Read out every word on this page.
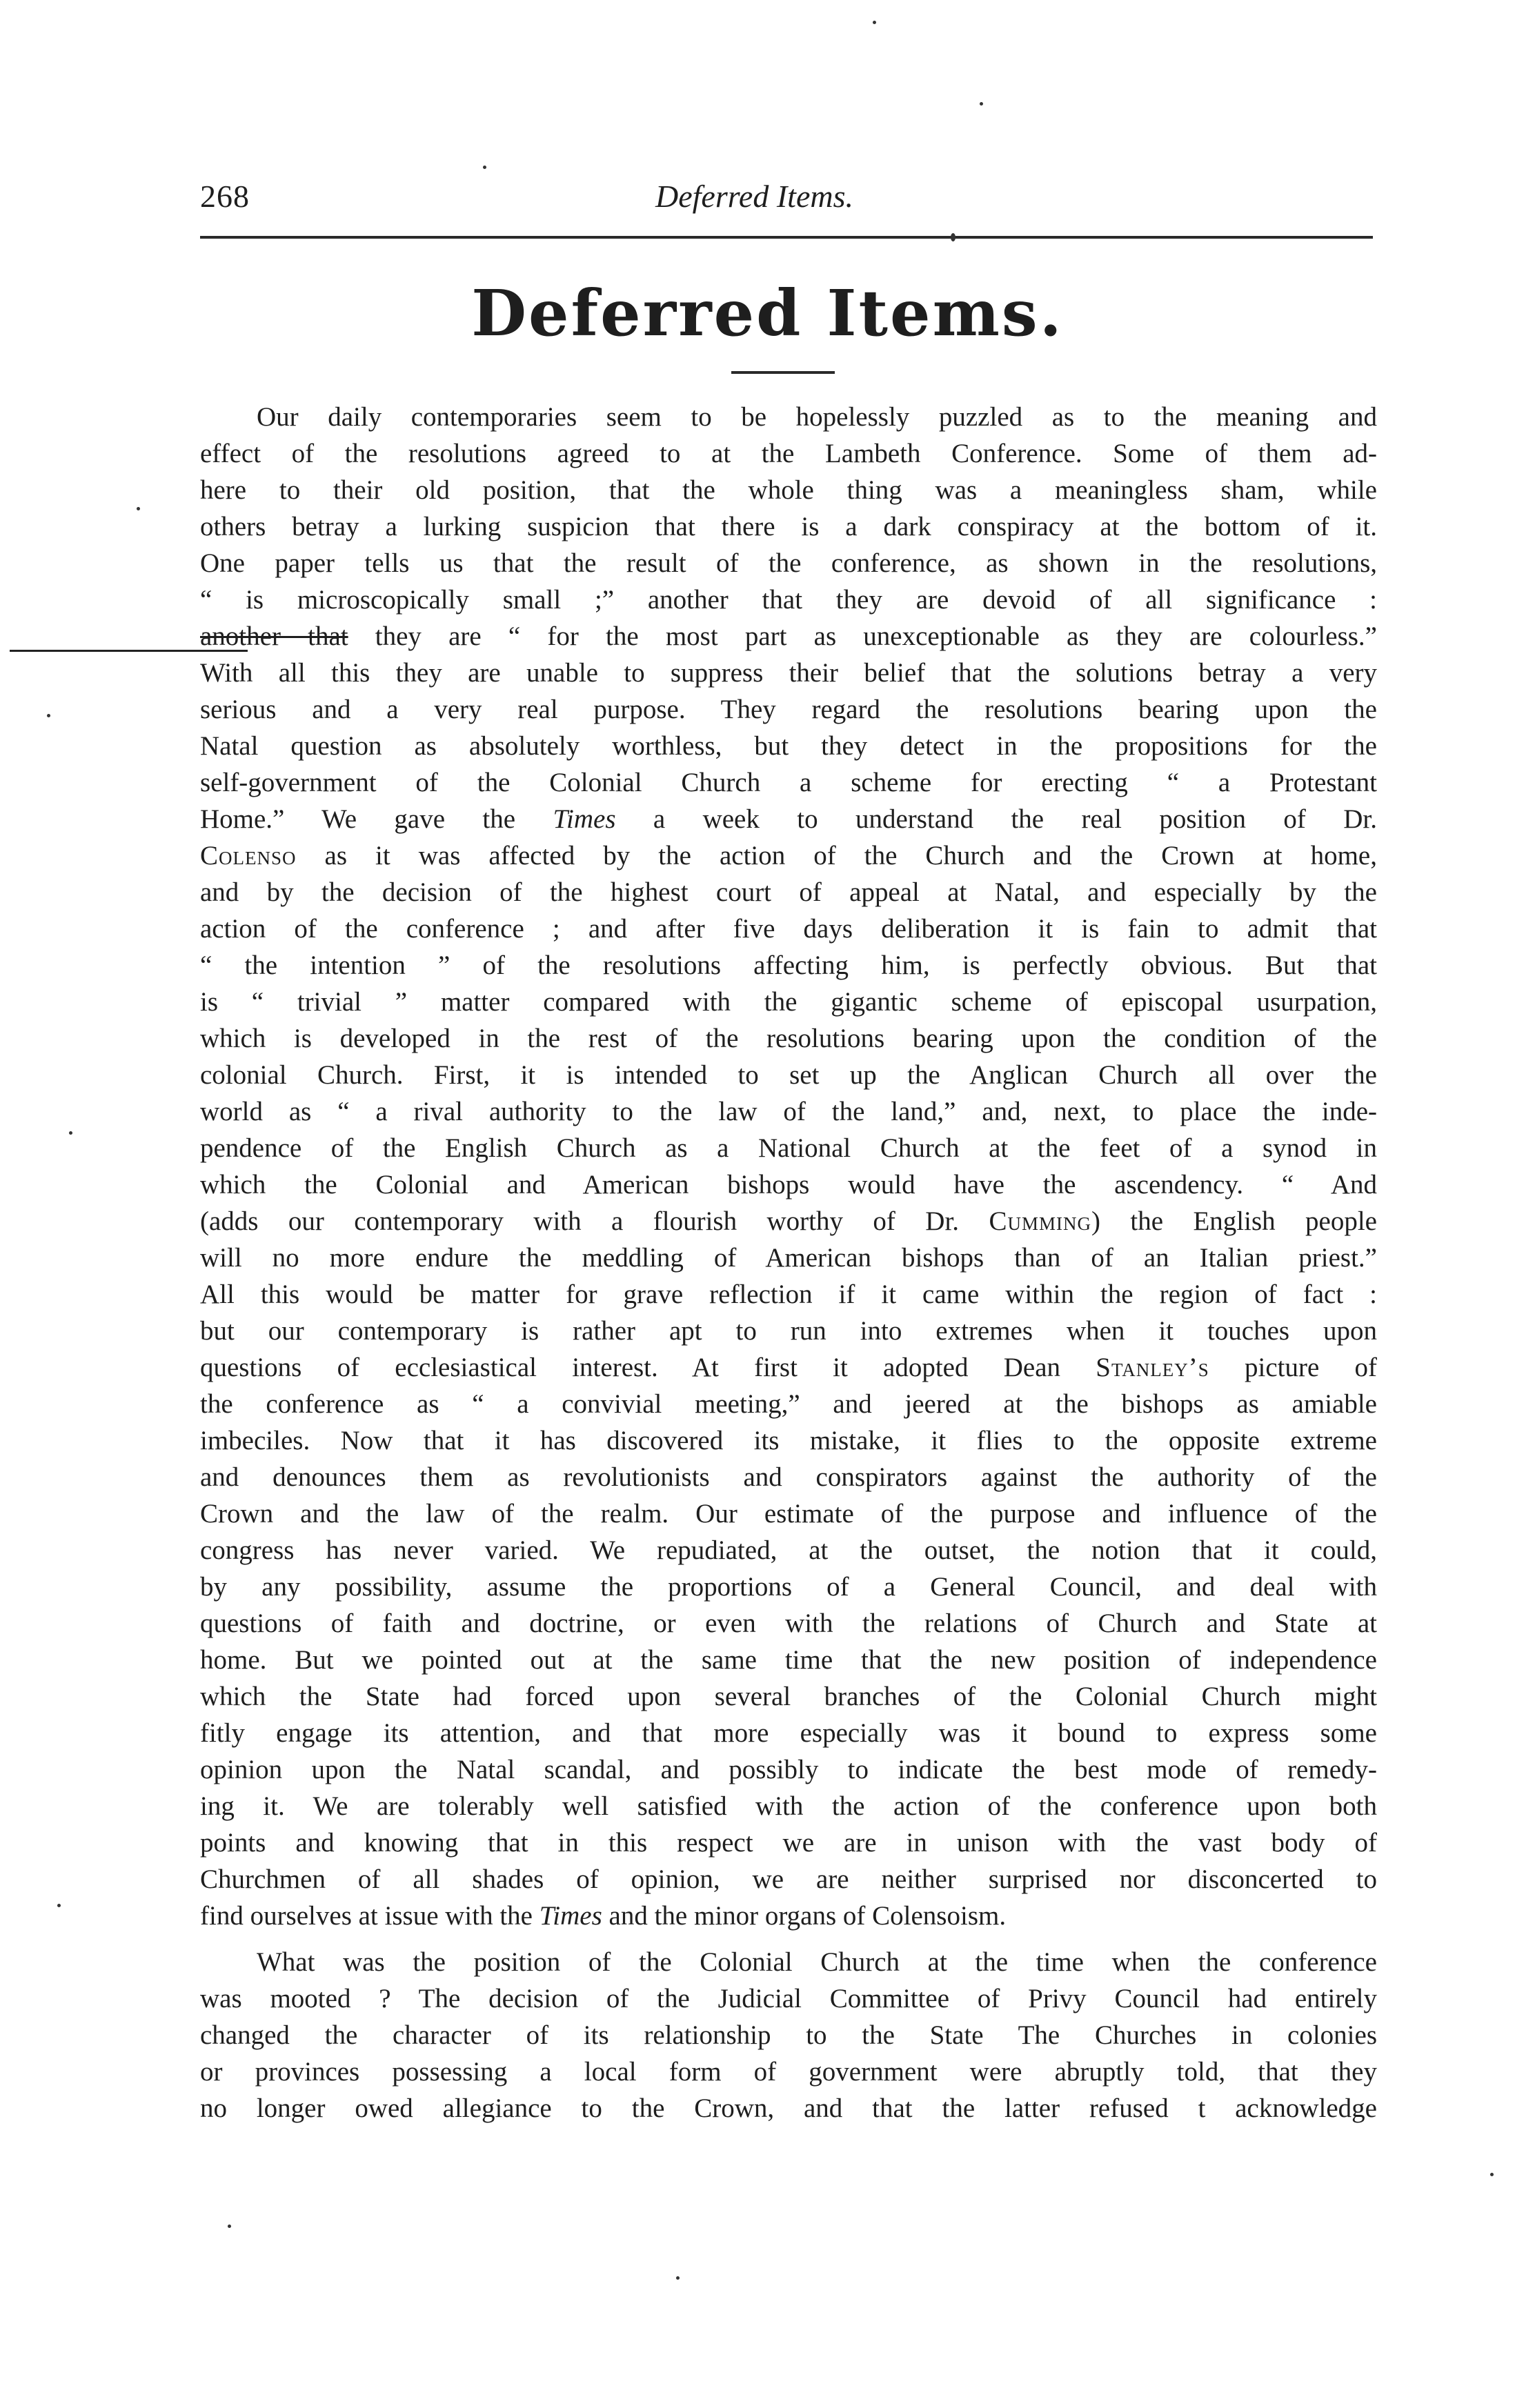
268	Deferred Items.
Deferred Items.
Our daily contemporaries seem to be hopelessly puzzled as to the meaning and
effect of the resolutions agreed to at the Lambeth Conference. Some of them ad-
here to their old position, that the whole thing was a meaningless sham, while
others betray a lurking suspicion that there is a dark conspiracy at the bottom of it.
One paper tells us that the result of the conference, as shown in the resolutions,
“ is microscopically small ;” another that they are devoid of all significance :
another that they are “ for the most part as unexceptionable as they are colourless.”
With all this they are unable to suppress their belief that the solutions betray a very
serious and a very real purpose. They regard the resolutions bearing upon the
Natal question as absolutely worthless, but they detect in the propositions for the
self-government of the Colonial Church a scheme for erecting “ a Protestant
Home.” We gave the Times a week to understand the real position of Dr.
Colenso as it was affected by the action of the Church and the Crown at home,
and by the decision of the highest court of appeal at Natal, and especially by the
action of the conference ; and after five days deliberation it is fain to admit that
“ the intention ” of the resolutions affecting him, is perfectly obvious. But that
is “ trivial ” matter compared with the gigantic scheme of episcopal usurpation,
which is developed in the rest of the resolutions bearing upon the condition of the
colonial Church. First, it is intended to set up the Anglican Church all over the
world as “ a rival authority to the law of the land,” and, next, to place the inde-
pendence of the English Church as a National Church at the feet of a synod in
which the Colonial and American bishops would have the ascendency. “ And
(adds our contemporary with a flourish worthy of Dr. Cumming) the English people
will no more endure the meddling of American bishops than of an Italian priest.”
All this would be matter for grave reflection if it came within the region of fact :
but our contemporary is rather apt to run into extremes when it touches upon
questions of ecclesiastical interest. At first it adopted Dean Stanley’s picture of
the conference as “ a convivial meeting,” and jeered at the bishops as amiable
imbeciles. Now that it has discovered its mistake, it flies to the opposite extreme
and denounces them as revolutionists and conspirators against the authority of the
Crown and the law of the realm. Our estimate of the purpose and influence of the
congress has never varied. We repudiated, at the outset, the notion that it could,
by any possibility, assume the proportions of a General Council, and deal with
questions of faith and doctrine, or even with the relations of Church and State at
home. But we pointed out at the same time that the new position of independence
which the State had forced upon several branches of the Colonial Church might
fitly engage its attention, and that more especially was it bound to express some
opinion upon the Natal scandal, and possibly to indicate the best mode of remedy-
ing it. We are tolerably well satisfied with the action of the conference upon both
points and knowing that in this respect we are in unison with the vast body of
Churchmen of all shades of opinion, we are neither surprised nor disconcerted to
find ourselves at issue with the Times and the minor organs of Colensoism.
What was the position of the Colonial Church at the time when the conference
was mooted ? The decision of the Judicial Committee of Privy Council had entirely
changed the character of its relationship to the State The Churches in colonies
or provinces possessing a local form of government were abruptly told, that they
no longer owed allegiance to the Crown, and that the latter refused t acknowledge
